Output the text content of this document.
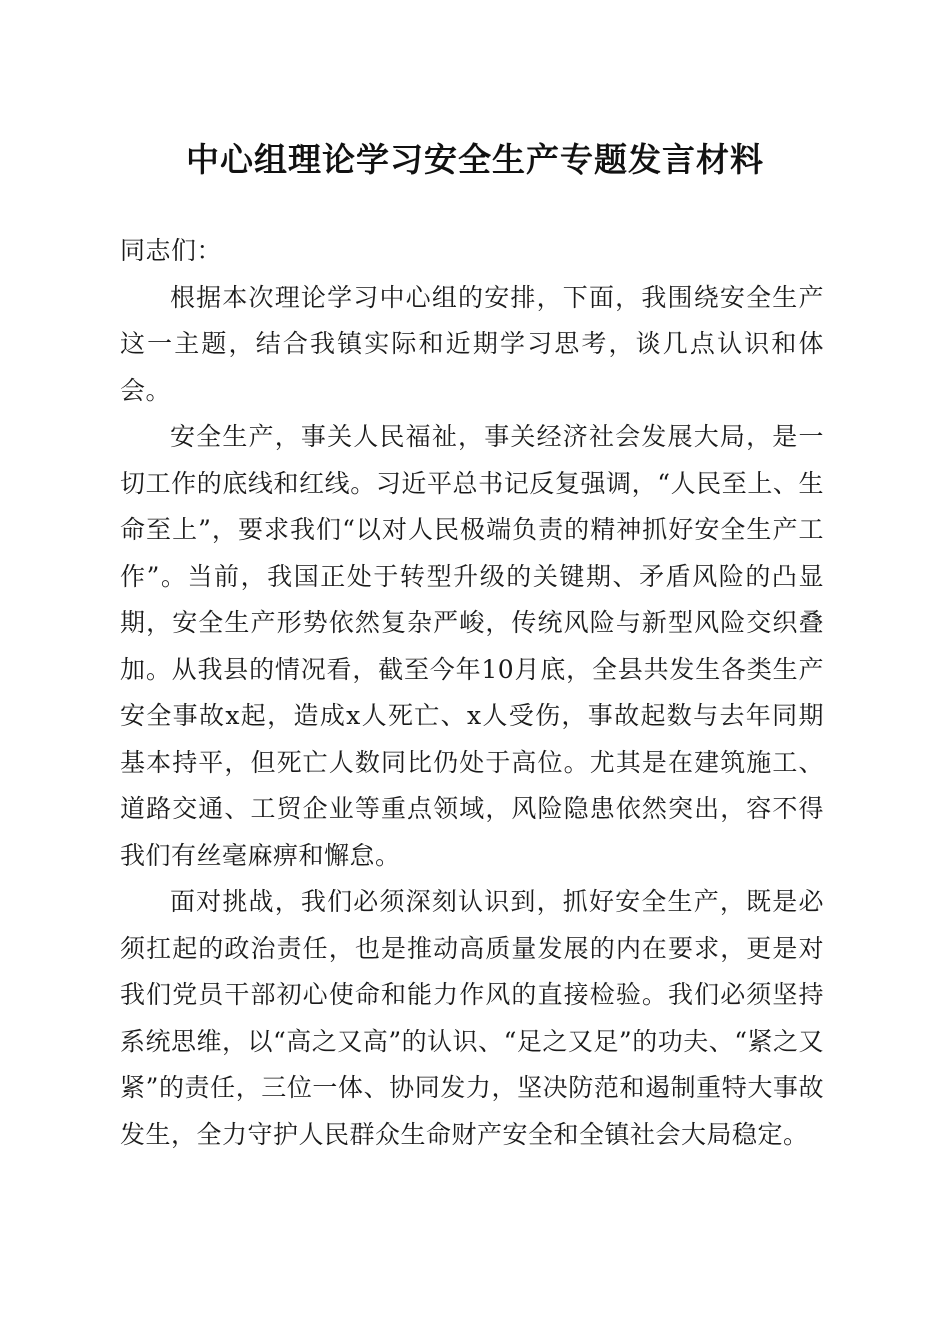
中心组理论学习安全生产专题发言材料

同志们：

根据本次理论学习中心组的安排，下面，我围绕安全生产这一主题，结合我镇实际和近期学习思考，谈几点认识和体会。

安全生产，事关人民福祉，事关经济社会发展大局，是一切工作的底线和红线。习近平总书记反复强调，“人民至上、生命至上”，要求我们“以对人民极端负责的精神抓好安全生产工作”。当前，我国正处于转型升级的关键期、矛盾风险的凸显期，安全生产形势依然复杂严峻，传统风险与新型风险交织叠加。从我县的情况看，截至今年10月底，全县共发生各类生产安全事故x起，造成x人死亡、x人受伤，事故起数与去年同期基本持平，但死亡人数同比仍处于高位。尤其是在建筑施工、道路交通、工贸企业等重点领域，风险隐患依然突出，容不得我们有丝毫麻痹和懈怠。

面对挑战，我们必须深刻认识到，抓好安全生产，既是必须扛起的政治责任，也是推动高质量发展的内在要求，更是对我们党员干部初心使命和能力作风的直接检验。我们必须坚持系统思维，以“高之又高”的认识、“足之又足”的功夫、“紧之又紧”的责任，三位一体、协同发力，坚决防范和遏制重特大事故发生，全力守护人民群众生命财产安全和全镇社会大局稳定。
